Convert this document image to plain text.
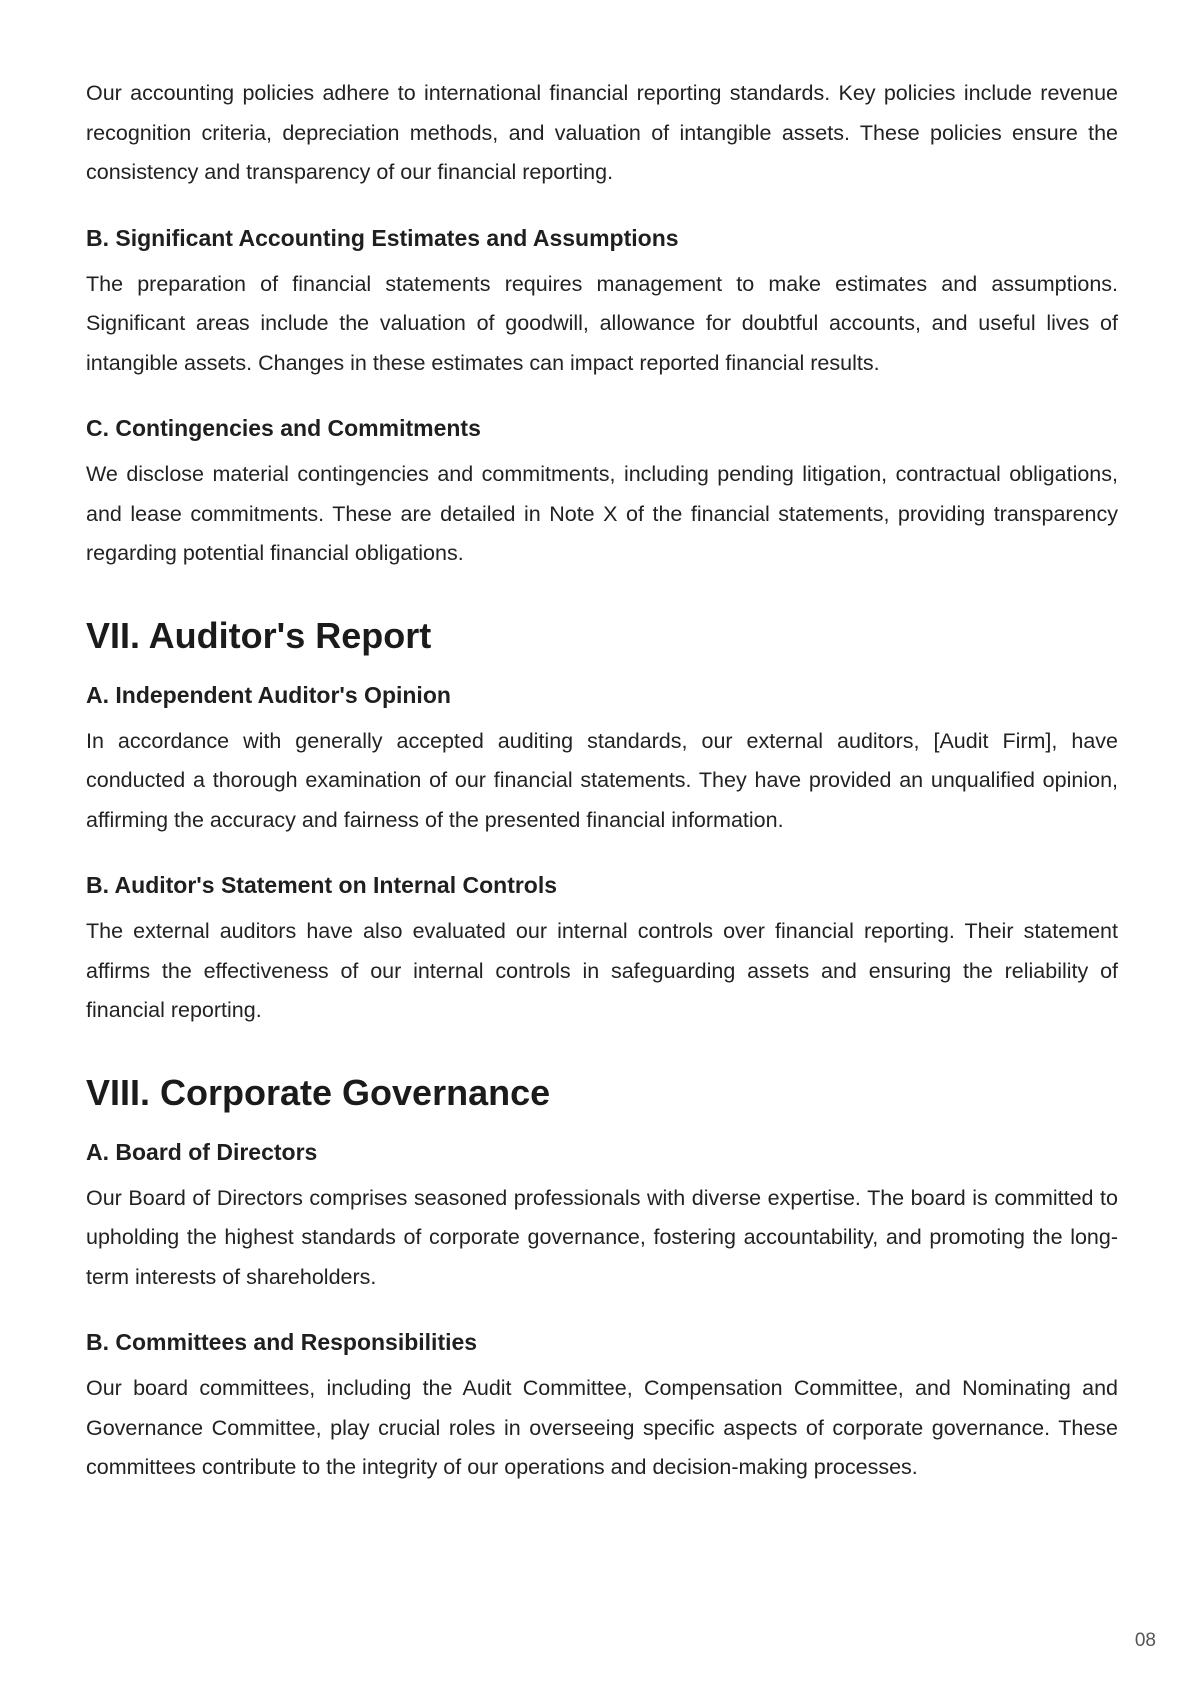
Our accounting policies adhere to international financial reporting standards. Key policies include revenue recognition criteria, depreciation methods, and valuation of intangible assets. These policies ensure the consistency and transparency of our financial reporting.

B. Significant Accounting Estimates and Assumptions

The preparation of financial statements requires management to make estimates and assumptions. Significant areas include the valuation of goodwill, allowance for doubtful accounts, and useful lives of intangible assets. Changes in these estimates can impact reported financial results.

C. Contingencies and Commitments

We disclose material contingencies and commitments, including pending litigation, contractual obligations, and lease commitments. These are detailed in Note X of the financial statements, providing transparency regarding potential financial obligations.

VII. Auditor's Report
A. Independent Auditor's Opinion

In accordance with generally accepted auditing standards, our external auditors, [Audit Firm], have conducted a thorough examination of our financial statements. They have provided an unqualified opinion, affirming the accuracy and fairness of the presented financial information.

B. Auditor's Statement on Internal Controls

The external auditors have also evaluated our internal controls over financial reporting. Their statement affirms the effectiveness of our internal controls in safeguarding assets and ensuring the reliability of financial reporting.

VIII. Corporate Governance
A. Board of Directors

Our Board of Directors comprises seasoned professionals with diverse expertise. The board is committed to upholding the highest standards of corporate governance, fostering accountability, and promoting the long-term interests of shareholders.

B. Committees and Responsibilities

Our board committees, including the Audit Committee, Compensation Committee, and Nominating and Governance Committee, play crucial roles in overseeing specific aspects of corporate governance. These committees contribute to the integrity of our operations and decision-making processes.

08
